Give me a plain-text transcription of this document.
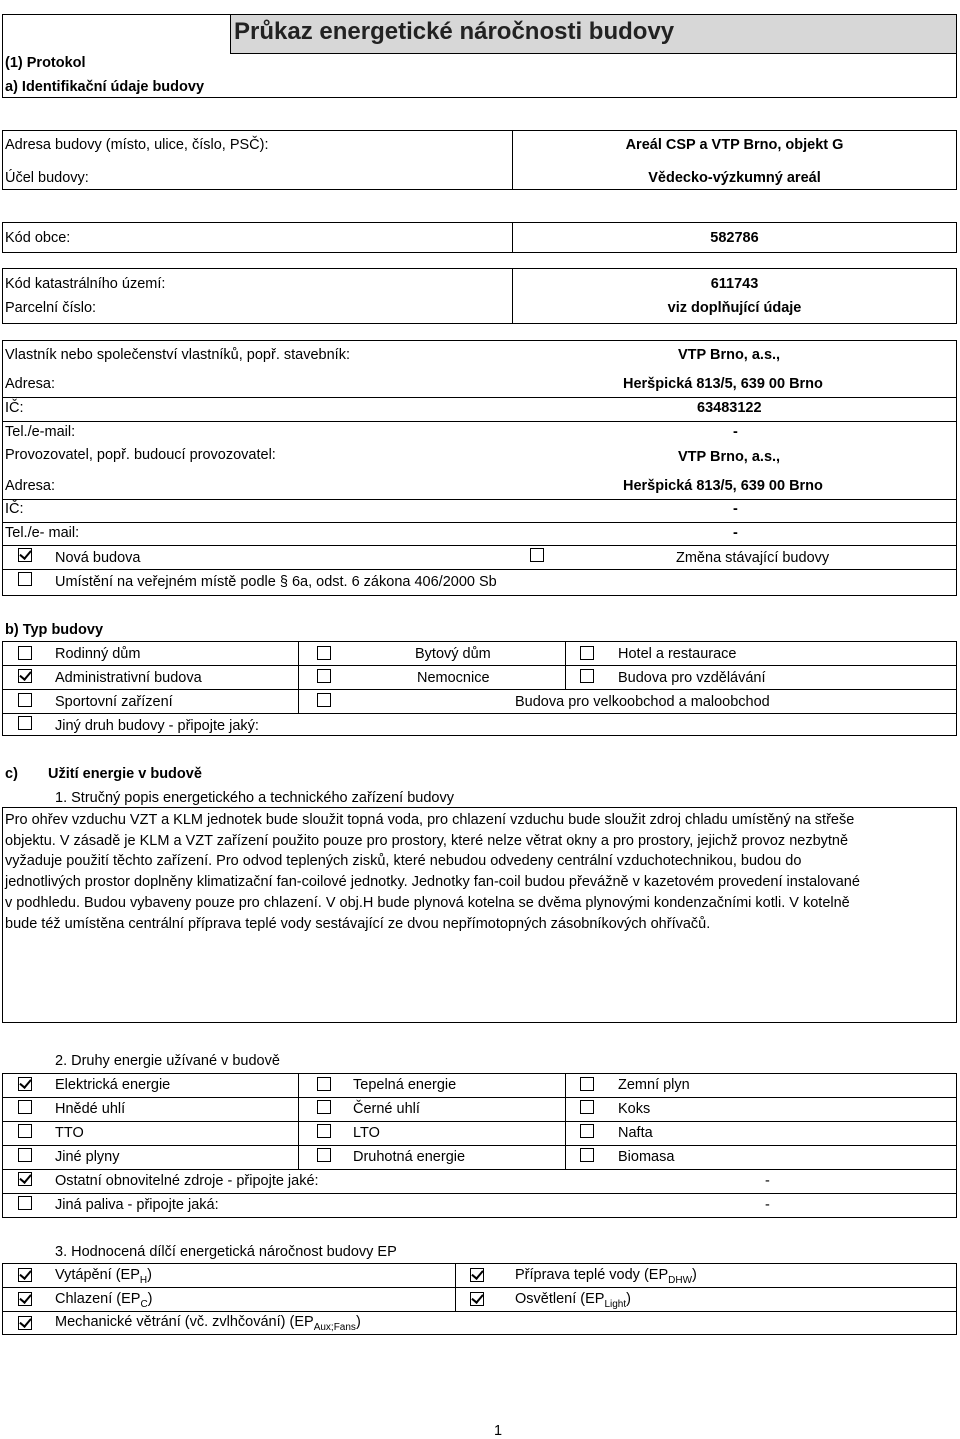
Průkaz energetické náročnosti budovy
(1) Protokol
a) Identifikační údaje budovy
Adresa budovy (místo, ulice, číslo, PSČ):	Areál CSP a VTP Brno, objekt G
Účel budovy:	Vědecko-výzkumný areál
Kód obce:	582786
Kód katastrálního území:	611743
Parcelní číslo:	viz doplňující údaje
Vlastník nebo společenství vlastníků, popř. stavebník:	VTP Brno, a.s.,
Adresa:	Heršpická 813/5, 639 00 Brno
IČ:	63483122
Tel./e-mail:	-
Provozovatel, popř. budoucí provozovatel:	VTP Brno, a.s.,
Adresa:	Heršpická 813/5, 639 00 Brno
IČ:	-
Tel./e- mail:	-
Nová budova	Změna stávající budovy
Umístění na veřejném místě podle § 6a, odst. 6 zákona 406/2000 Sb
b) Typ budovy
Rodinný dům	Bytový dům	Hotel a restaurace
Administrativní budova	Nemocnice	Budova pro vzdělávání
Sportovní zařízení	Budova pro velkoobchod a maloobchod
Jiný druh budovy - připojte jaký:
c) Užití energie v budově
1. Stručný popis energetického a technického zařízení budovy
Pro ohřev vzduchu VZT a KLM jednotek bude sloužit topná voda, pro chlazení vzduchu bude sloužit zdroj chladu umístěný na střeše
objektu. V zásadě je KLM a VZT zařízení použito pouze pro prostory, které nelze větrat okny a pro prostory, jejichž provoz nezbytně
vyžaduje použití těchto zařízení. Pro odvod teplených zisků, které nebudou odvedeny centrální vzduchotechnikou, budou do
jednotlivých prostor doplněny klimatizační fan-coilové jednotky. Jednotky fan-coil budou převážně v kazetovém provedení instalované
v podhledu. Budou vybaveny pouze pro chlazení. V obj.H bude plynová kotelna se dvěma plynovými kondenzačními kotli. V kotelně
bude též umístěna centrální příprava teplé vody sestávající ze dvou nepřímotopných zásobníkových ohřívačů.
2. Druhy energie užívané v budově
Elektrická energie	Tepelná energie	Zemní plyn
Hnědé uhlí	Černé uhlí	Koks
TTO	LTO	Nafta
Jiné plyny	Druhotná energie	Biomasa
Ostatní obnovitelné zdroje - připojte jaké:	-
Jiná paliva - připojte jaká:	-
3. Hodnocená dílčí energetická náročnost budovy EP
Vytápění $(EP_H)$	Příprava teplé vody $(EP_{DHW})$
Chlazení $(EP_C)$	Osvětlení $(EP_{Light})$
Mechanické větrání (vč. zvlhčování) $(EP_{Aux;Fans})$
1
